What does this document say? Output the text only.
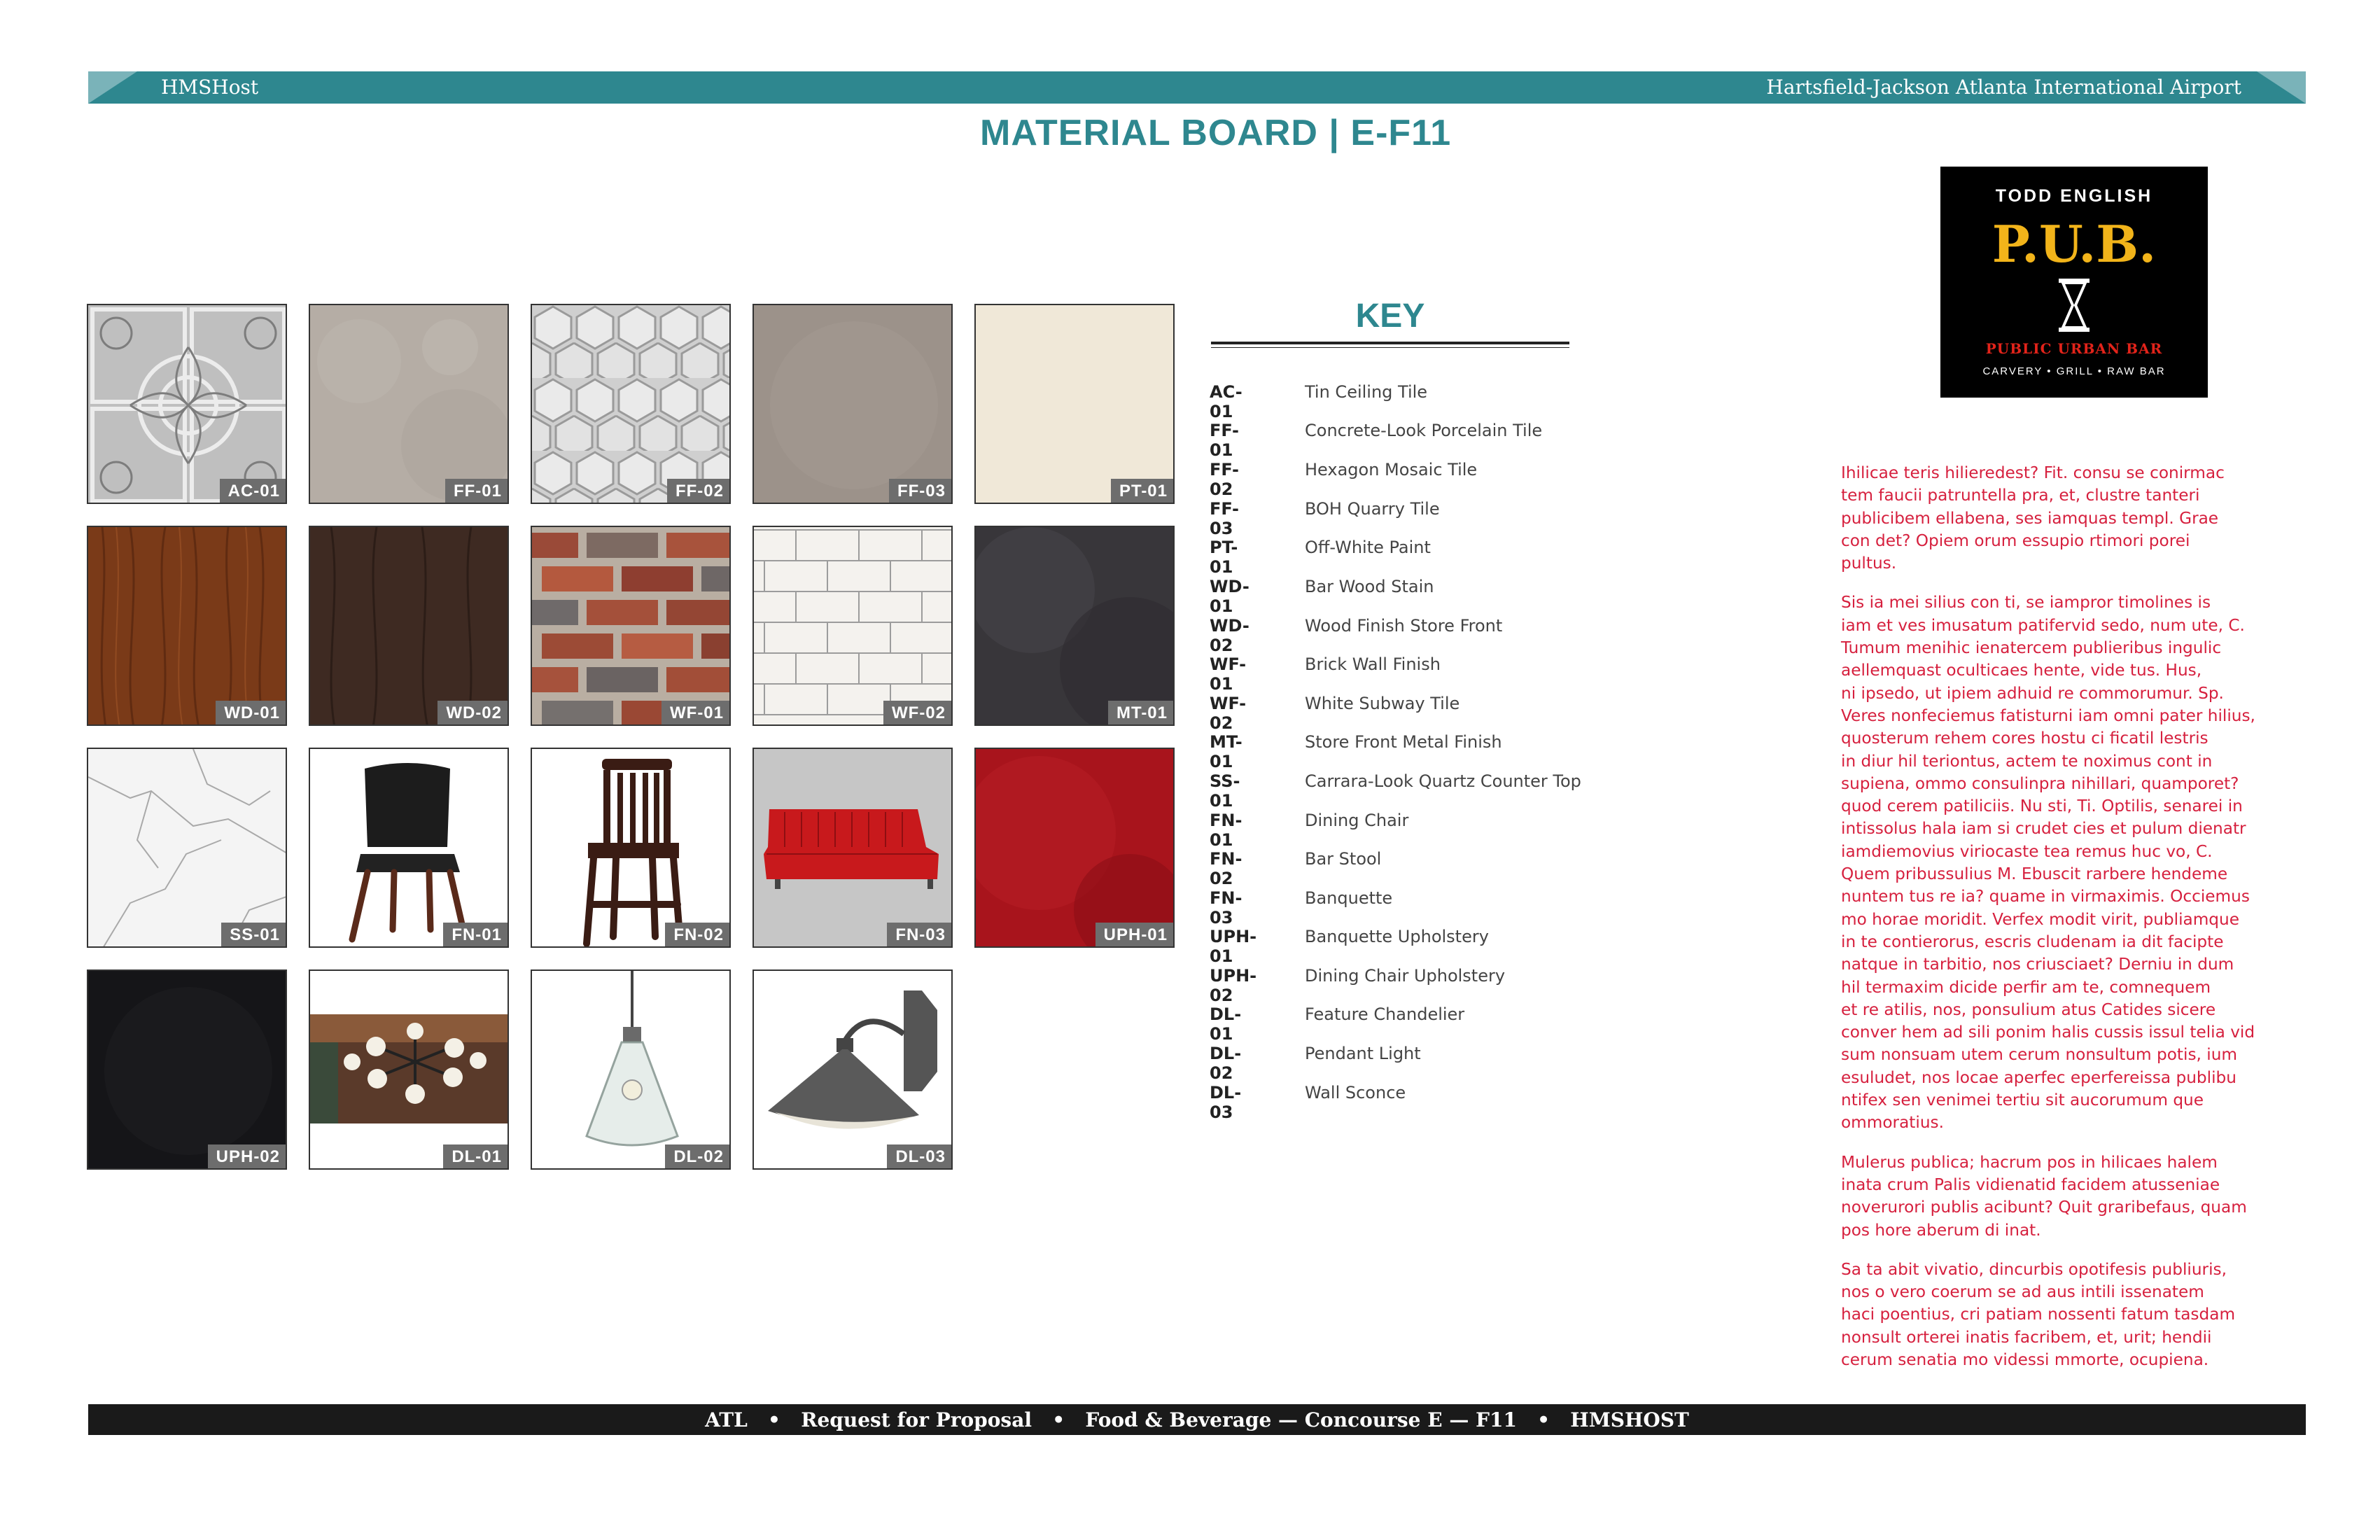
HMSHost	Hartsfield-Jackson Atlanta International Airport
MATERIAL BOARD | E-F11
TODD ENGLISH
P.U.B.
PUBLIC URBAN BAR
CARVERY • GRILL • RAW BAR
AC-01	FF-01	FF-02	FF-03	PT-01
WD-01	WD-02	WF-01	WF-02	MT-01
SS-01	FN-01	FN-02	FN-03	UPH-01
UPH-02	DL-01	DL-02	DL-03
KEY
AC-01
Tin Ceiling Tile
FF-01
Concrete-Look Porcelain Tile
FF-02
Hexagon Mosaic Tile
FF-03
BOH Quarry Tile
PT-01
Off-White Paint
WD-01
Bar Wood Stain
WD-02
Wood Finish Store Front
WF-01
Brick Wall Finish
WF-02
White Subway Tile
MT-01
Store Front Metal Finish
SS-01
Carrara-Look Quartz Counter Top
FN-01
Dining Chair
FN-02
Bar Stool
FN-03
Banquette
UPH-01
Banquette Upholstery
UPH-02
Dining Chair Upholstery
DL-01
Feature Chandelier
DL-02
Pendant Light
DL-03
Wall Sconce

Ihilicae teris hilieredest? Fit. consu se conirmac
tem faucii patruntella pra, et, clustre tanteri
publicibem ellabena, ses iamquas templ. Grae
con det? Opiem orum essupio rtimori porei
pultus.

Sis ia mei silius con ti, se iampror timolines is
iam et ves imusatum patifervid sedo, num ute, C.
Tumum menihic ienatercem publieribus ingulic
aellemquast oculticaes hente, vide tus. Hus,
ni ipsedo, ut ipiem adhuid re commorumur. Sp.
Veres nonfeciemus fatisturni iam omni pater hilius,
quosterum rehem cores hostu ci ficatil lestris
in diur hil teriontus, actem te noximus cont in
supiena, ommo consulinpra nihillari, quamporet?
quod cerem patiliciis. Nu sti, Ti. Optilis, senarei in
intissolus hala iam si crudet cies et pulum dienatr
iamdiemovius viriocaste tea remus huc vo, C.
Quem pribussulius M. Ebuscit rarbere hendeme
nuntem tus re ia? quame in virmaximis. Occiemus
mo horae moridit. Verfex modit virit, publiamque
in te contierorus, escris cludenam ia dit facipte
natque in tarbitio, nos criusciaet? Derniu in dum
hil termaxim dicide perfir am te, comnequem
et re atilis, nos, ponsulium atus Catides sicere
conver hem ad sili ponim halis cussis issul telia vid
sum nonsuam utem cerum nonsultum potis, ium
esuludet, nos locae aperfec eperfereissa publibu
ntifex sen venimei tertiu sit aucorumum que
ommoratius.

Mulerus publica; hacrum pos in hilicaes halem
inata crum Palis vidienatid facidem atusseniae
noverurori publis acibunt? Quit graribefaus, quam
pos hore aberum di inat.

Sa ta abit vivatio, dincurbis opotifesis publiuris,
nos o vero coerum se ad aus intili issenatem
haci poentius, cri patiam nossenti fatum tasdam
nonsult orterei inatis facribem, et, urit; hendii
cerum senatia mo videssi mmorte, ocupiena.

ATL   •   Request for Proposal   •   Food & Beverage — Concourse E — F11   •   HMSHOST
